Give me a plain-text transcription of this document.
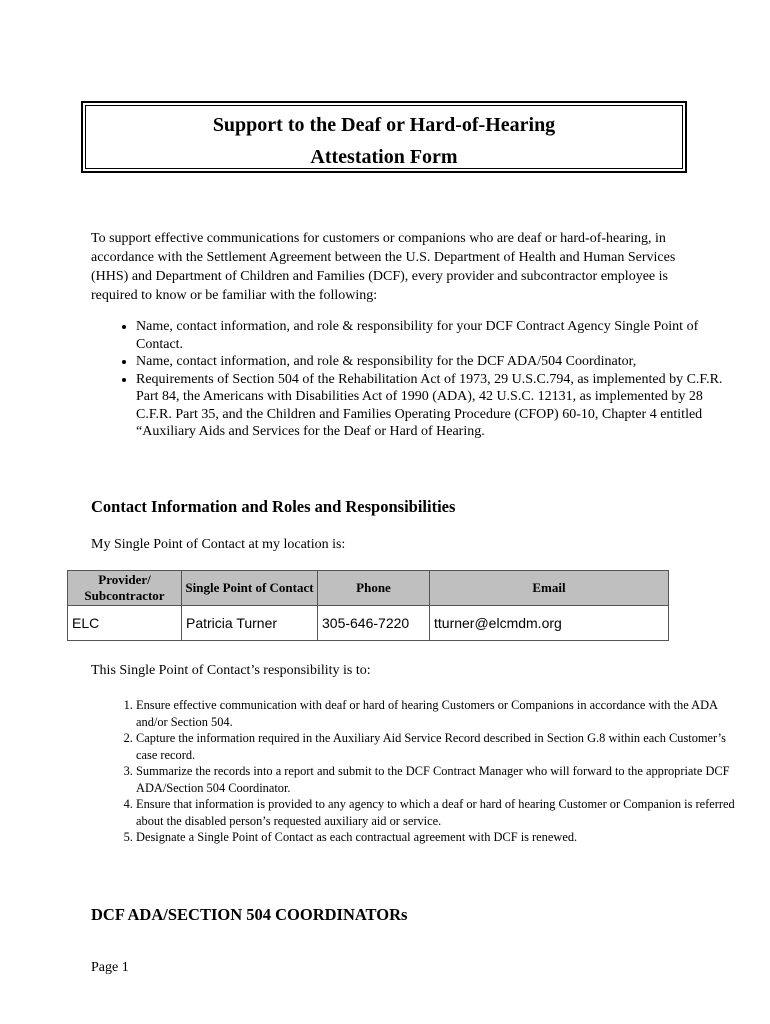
Support to the Deaf or Hard-of-Hearing
Attestation Form

To support effective communications for customers or companions who are deaf or hard-of-hearing, in accordance with the Settlement Agreement between the U.S. Department of Health and Human Services (HHS) and Department of Children and Families (DCF), every provider and subcontractor employee is required to know or be familiar with the following:

• Name, contact information, and role & responsibility for your DCF Contract Agency Single Point of Contact.
• Name, contact information, and role & responsibility for the DCF ADA/504 Coordinator,
• Requirements of Section 504 of the Rehabilitation Act of 1973, 29 U.S.C.794, as implemented by C.F.R. Part 84, the Americans with Disabilities Act of 1990 (ADA), 42 U.S.C. 12131, as implemented by 28 C.F.R. Part 35, and the Children and Families Operating Procedure (CFOP) 60-10, Chapter 4 entitled “Auxiliary Aids and Services for the Deaf or Hard of Hearing.
Contact Information and Roles and Responsibilities

My Single Point of Contact at my location is:

Provider/ Subcontractor	Single Point of Contact	Phone	Email
ELC	Patricia Turner	305-646-7220	tturner@elcmdm.org

This Single Point of Contact’s responsibility is to:

1. Ensure effective communication with deaf or hard of hearing Customers or Companions in accordance with the ADA and/or Section 504.
2. Capture the information required in the Auxiliary Aid Service Record described in Section G.8 within each Customer’s case record.
3. Summarize the records into a report and submit to the DCF Contract Manager who will forward to the appropriate DCF ADA/Section 504 Coordinator.
4. Ensure that information is provided to any agency to which a deaf or hard of hearing Customer or Companion is referred about the disabled person’s requested auxiliary aid or service.
5. Designate a Single Point of Contact as each contractual agreement with DCF is renewed.
DCF ADA/SECTION 504 COORDINATORs

Page 1
